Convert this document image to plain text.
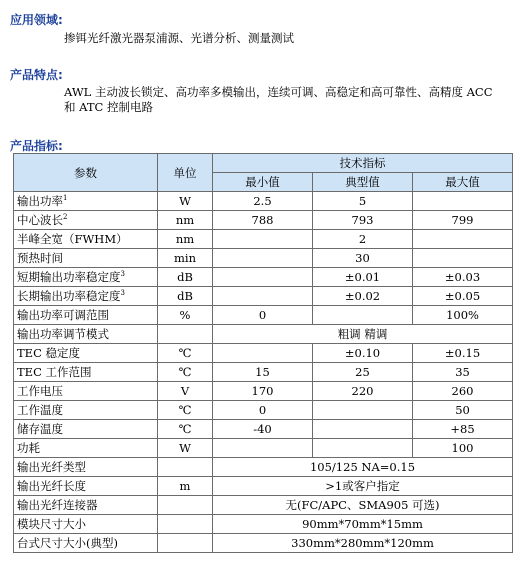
应用领域:
掺铒光纤激光器泵浦源、光谱分析、测量测试
产品特点:
AWL 主动波长锁定、高功率多模输出，连续可调、高稳定和高可靠性、高精度 ACC
和 ATC 控制电路
产品指标:
参数	单位	技术指标		
		最小值	典型值	最大值
输出功率$^1$	W	2.5	5	
中心波长$^2$	nm	788	793	799
半峰全宽（FWHM）	nm		2	
预热时间	min		30	
短期输出功率稳定度$^3$	dB		±0.01	±0.03
长期输出功率稳定度$^3$	dB		±0.02	±0.05
输出功率可调范围	%	0		100%
输出功率调节模式		粗调 精调		
TEC 稳定度	℃		±0.10	±0.15
TEC 工作范围	℃	15	25	35
工作电压	V	170	220	260
工作温度	℃	0		50
储存温度	℃	-40		+85
功耗	W			100
输出光纤类型		105/125 NA=0.15		
输出光纤长度	m	>1或客户指定		
输出光纤连接器		无(FC/APC、SMA905 可选)		
模块尺寸大小		90mm*70mm*15mm		
台式尺寸大小(典型)		330mm*280mm*120mm		
